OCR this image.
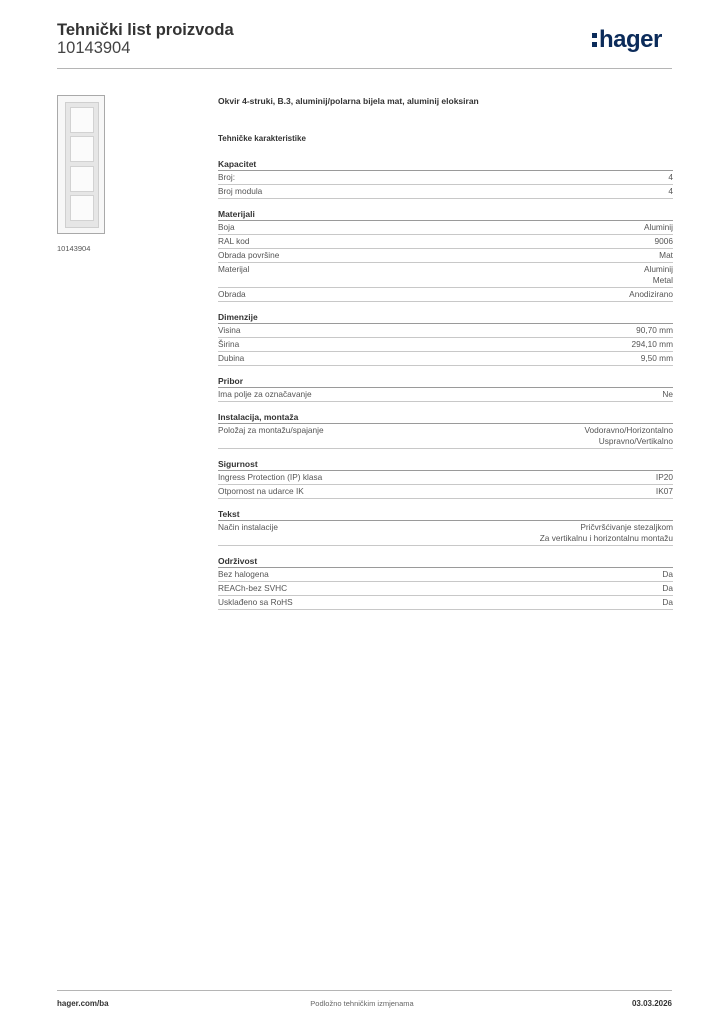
Tehnički list proizvoda
10143904	hager
10143904
Okvir 4-struki, B.3, aluminij/polarna bijela mat, aluminij eloksiran
Tehničke karakteristike
Kapacitet
Broj:	4
Broj modula	4
Materijali
Boja	Aluminij
RAL kod	9006
Obrada površine	Mat
Materijal	Aluminij
Metal
Obrada	Anodizirano
Dimenzije
Visina	90,70 mm
Širina	294,10 mm
Dubina	9,50 mm
Pribor
Ima polje za označavanje	Ne
Instalacija, montaža
Položaj za montažu/spajanje	Vodoravno/Horizontalno
Uspravno/Vertikalno
Sigurnost
Ingress Protection (IP) klasa	IP20
Otpornost na udarce IK	IK07
Tekst
Način instalacije	Pričvršćivanje stezaljkom
Za vertikalnu i horizontalnu montažu
Održivost
Bez halogena	Da
REACh-bez SVHC	Da
Usklađeno sa RoHS	Da
hager.com/ba	Podložno tehničkim izmjenama	03.03.2026
